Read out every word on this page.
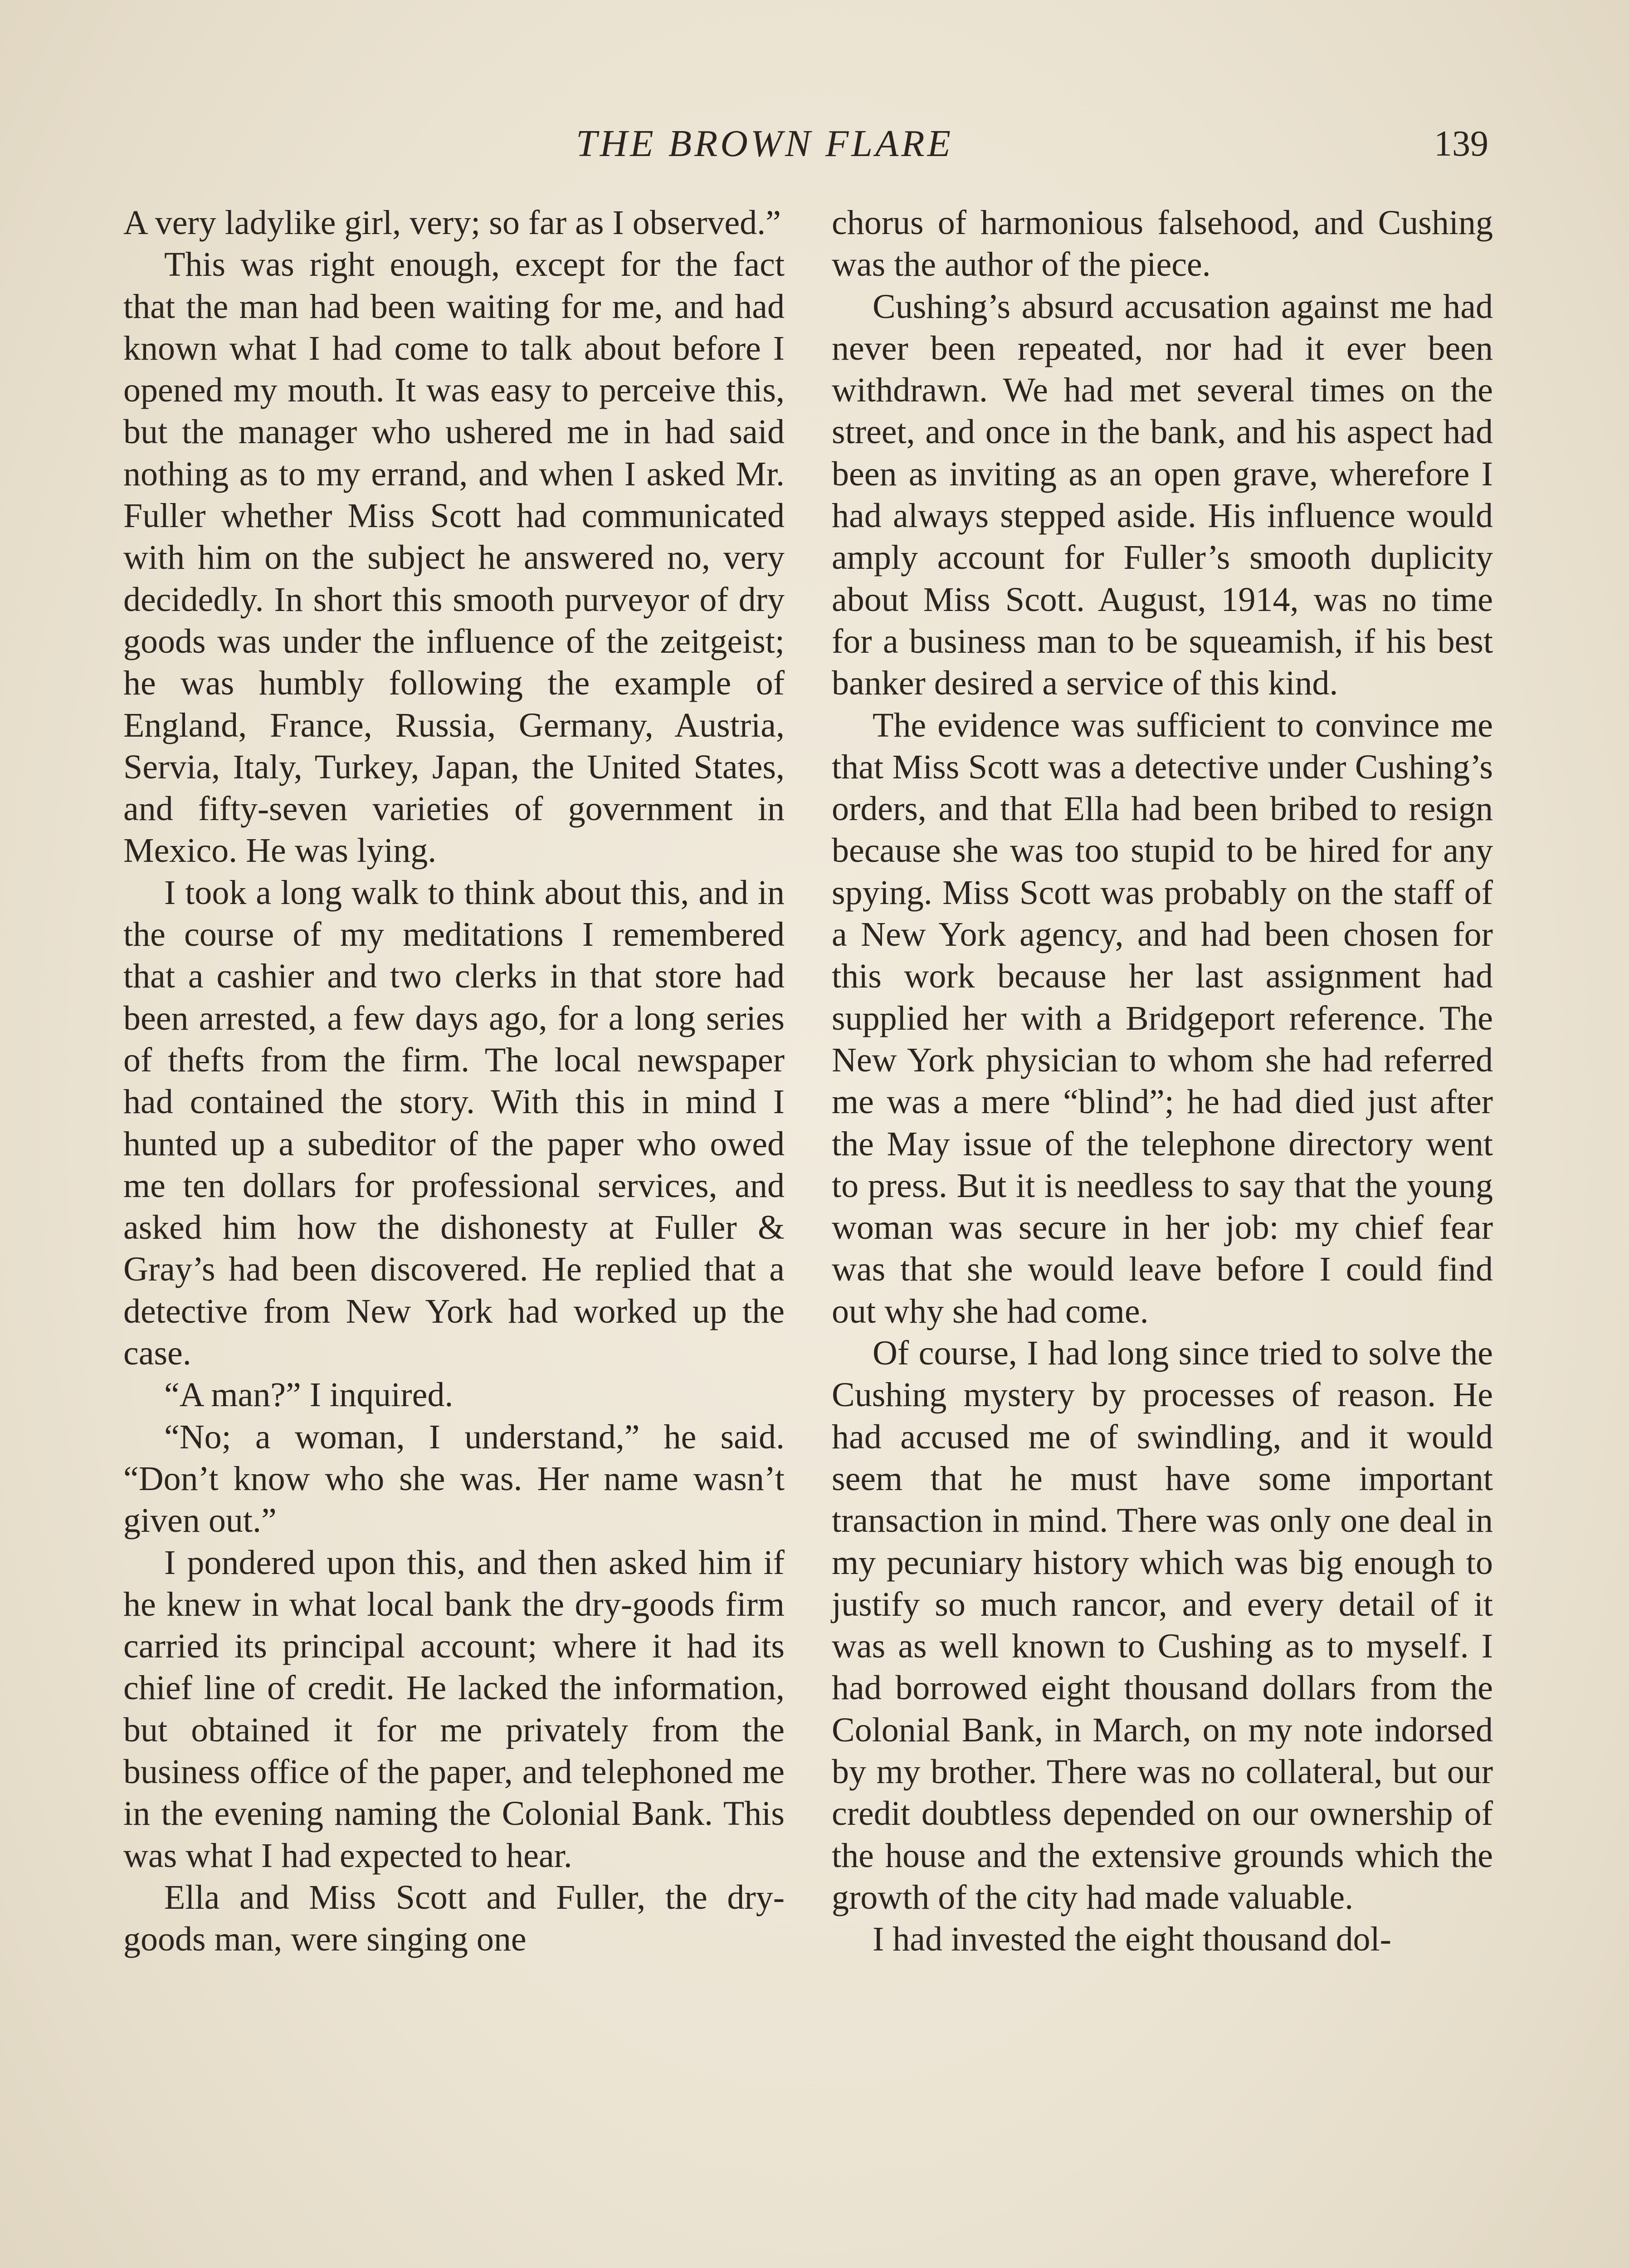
THE BROWN FLARE	139

A very ladylike girl, very; so far as I observed.”

This was right enough, except for the fact that the man had been waiting for me, and had known what I had come to talk about before I opened my mouth. It was easy to perceive this, but the manager who ushered me in had said nothing as to my errand, and when I asked Mr. Fuller whether Miss Scott had communicated with him on the subject he answered no, very decidedly. In short this smooth purveyor of dry goods was under the influence of the zeitgeist; he was humbly following the example of England, France, Russia, Germany, Austria, Servia, Italy, Turkey, Japan, the United States, and fifty-seven varieties of government in Mexico. He was lying.

I took a long walk to think about this, and in the course of my meditations I remembered that a cashier and two clerks in that store had been arrested, a few days ago, for a long series of thefts from the firm. The local newspaper had contained the story. With this in mind I hunted up a subeditor of the paper who owed me ten dollars for professional services, and asked him how the dishonesty at Fuller & Gray’s had been discovered. He replied that a detective from New York had worked up the case.

“A man?” I inquired.

“No; a woman, I understand,” he said. “Don’t know who she was. Her name wasn’t given out.”

I pondered upon this, and then asked him if he knew in what local bank the dry-goods firm carried its principal account; where it had its chief line of credit. He lacked the information, but obtained it for me privately from the business office of the paper, and telephoned me in the evening naming the Colonial Bank. This was what I had expected to hear.

Ella and Miss Scott and Fuller, the dry-goods man, were singing one

chorus of harmonious falsehood, and Cushing was the author of the piece.

Cushing’s absurd accusation against me had never been repeated, nor had it ever been withdrawn. We had met several times on the street, and once in the bank, and his aspect had been as inviting as an open grave, wherefore I had always stepped aside. His influence would amply account for Fuller’s smooth duplicity about Miss Scott. August, 1914, was no time for a business man to be squeamish, if his best banker desired a service of this kind.

The evidence was sufficient to convince me that Miss Scott was a detective under Cushing’s orders, and that Ella had been bribed to resign because she was too stupid to be hired for any spying. Miss Scott was probably on the staff of a New York agency, and had been chosen for this work because her last assignment had supplied her with a Bridgeport reference. The New York physician to whom she had referred me was a mere “blind”; he had died just after the May issue of the telephone directory went to press. But it is needless to say that the young woman was secure in her job: my chief fear was that she would leave before I could find out why she had come.

Of course, I had long since tried to solve the Cushing mystery by processes of reason. He had accused me of swindling, and it would seem that he must have some important transaction in mind. There was only one deal in my pecuniary history which was big enough to justify so much rancor, and every detail of it was as well known to Cushing as to myself. I had borrowed eight thousand dollars from the Colonial Bank, in March, on my note indorsed by my brother. There was no collateral, but our credit doubtless depended on our ownership of the house and the extensive grounds which the growth of the city had made valuable.

I had invested the eight thousand dol-
